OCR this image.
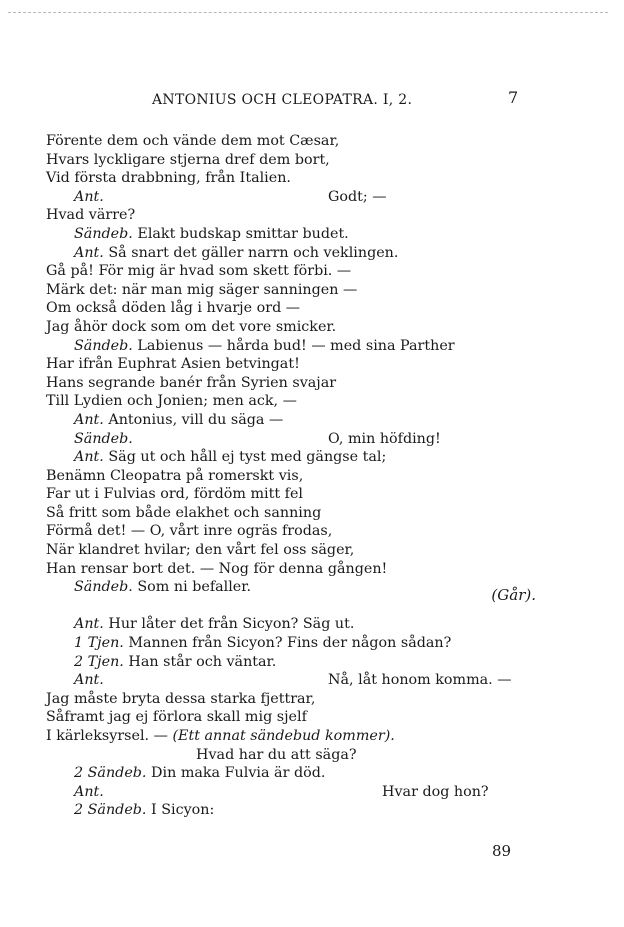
ANTONIUS OCH CLEOPATRA. I, 2.	7
Förente dem och vände dem mot Cæsar,
Hvars lyckligare stjerna dref dem bort,
Vid första drabbning, från Italien.
Ant.	Godt; —
Hvad värre?
Sändeb. Elakt budskap smittar budet.
Ant. Så snart det gäller narrn och veklingen.
Gå på! För mig är hvad som skett förbi. —
Märk det: när man mig säger sanningen —
Om också döden låg i hvarje ord —
Jag åhör dock som om det vore smicker.
Sändeb. Labienus — hårda bud! — med sina Parther
Har ifrån Euphrat Asien betvingat!
Hans segrande banér från Syrien svajar
Till Lydien och Jonien; men ack, —
Ant. Antonius, vill du säga —
Sändeb.	O, min höfding!
Ant. Säg ut och håll ej tyst med gängse tal;
Benämn Cleopatra på romerskt vis,
Far ut i Fulvias ord, fördöm mitt fel
Så fritt som både elakhet och sanning
Förmå det! — O, vårt inre ogräs frodas,
När klandret hvilar; den vårt fel oss säger,
Han rensar bort det. — Nog för denna gången!
Sändeb. Som ni befaller.	(Går).
Ant. Hur låter det från Sicyon? Säg ut.
1 Tjen. Mannen från Sicyon? Fins der någon sådan?
2 Tjen. Han står och väntar.
Ant.	Nå, låt honom komma. —
Jag måste bryta dessa starka fjettrar,
Såframt jag ej förlora skall mig sjelf
I kärleksyrsel. — (Ett annat sändebud kommer).
Hvad har du att säga?
2 Sändeb. Din maka Fulvia är död.
Ant.	Hvar dog hon?
2 Sändeb. I Sicyon:
89
